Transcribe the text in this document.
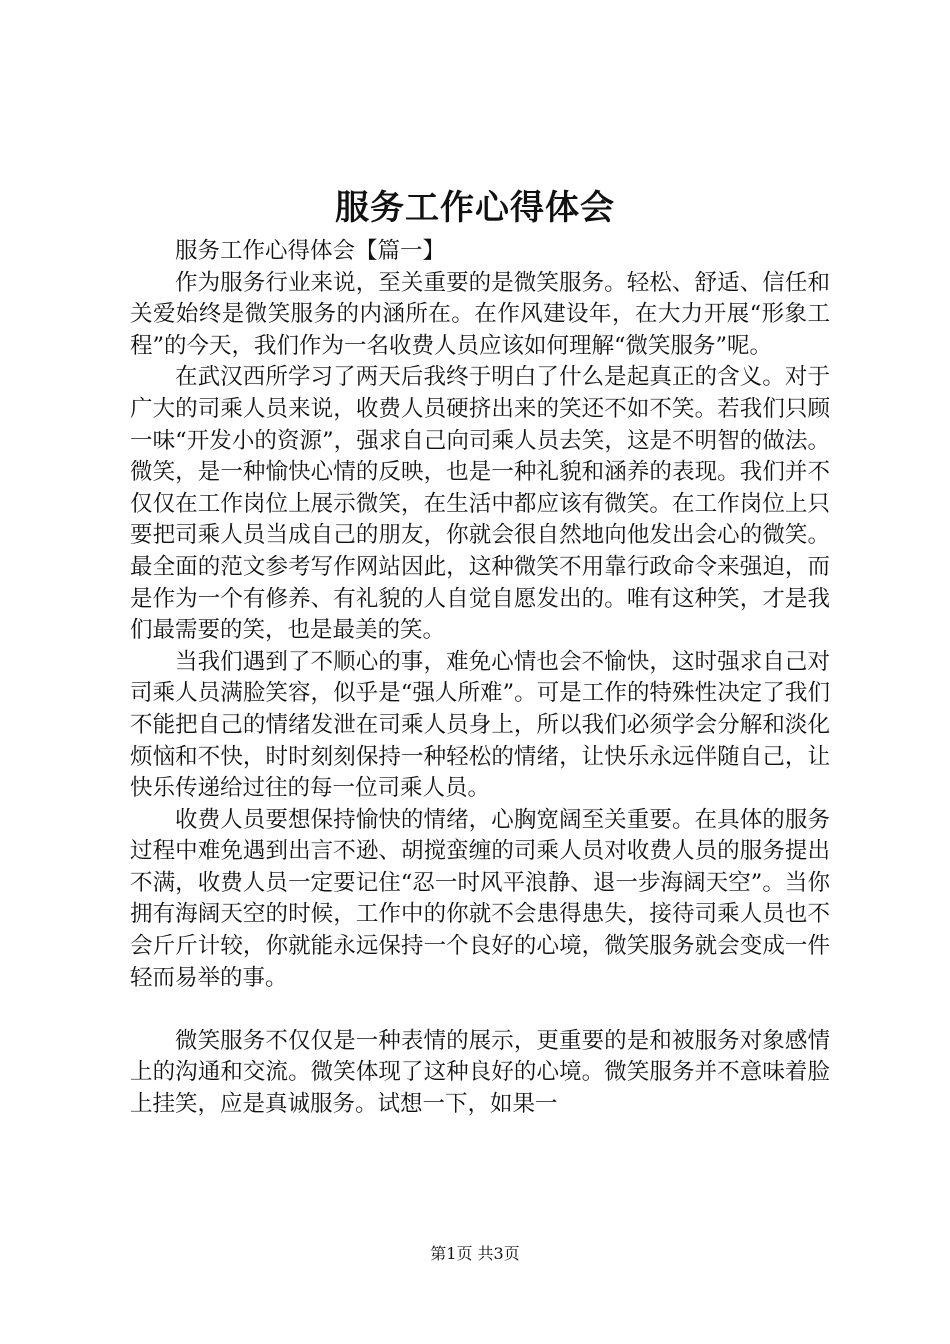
服务工作心得体会

服务工作心得体会【篇一】

作为服务行业来说，至关重要的是微笑服务。轻松、舒适、信任和关爱始终是微笑服务的内涵所在。在作风建设年，在大力开展“形象工程”的今天，我们作为一名收费人员应该如何理解“微笑服务”呢。

在武汉西所学习了两天后我终于明白了什么是起真正的含义。对于广大的司乘人员来说，收费人员硬挤出来的笑还不如不笑。若我们只顾一味“开发小的资源”，强求自己向司乘人员去笑，这是不明智的做法。微笑，是一种愉快心情的反映，也是一种礼貌和涵养的表现。我们并不仅仅在工作岗位上展示微笑，在生活中都应该有微笑。在工作岗位上只要把司乘人员当成自己的朋友，你就会很自然地向他发出会心的微笑。最全面的范文参考写作网站因此，这种微笑不用靠行政命令来强迫，而是作为一个有修养、有礼貌的人自觉自愿发出的。唯有这种笑，才是我们最需要的笑，也是最美的笑。

当我们遇到了不顺心的事，难免心情也会不愉快，这时强求自己对司乘人员满脸笑容，似乎是“强人所难”。可是工作的特殊性决定了我们不能把自己的情绪发泄在司乘人员身上，所以我们必须学会分解和淡化烦恼和不快，时时刻刻保持一种轻松的情绪，让快乐永远伴随自己，让快乐传递给过往的每一位司乘人员。

收费人员要想保持愉快的情绪，心胸宽阔至关重要。在具体的服务过程中难免遇到出言不逊、胡搅蛮缠的司乘人员对收费人员的服务提出不满，收费人员一定要记住“忍一时风平浪静、退一步海阔天空”。当你拥有海阔天空的时候，工作中的你就不会患得患失，接待司乘人员也不会斤斤计较，你就能永远保持一个良好的心境，微笑服务就会变成一件轻而易举的事。

微笑服务不仅仅是一种表情的展示，更重要的是和被服务对象感情上的沟通和交流。微笑体现了这种良好的心境。微笑服务并不意味着脸上挂笑，应是真诚服务。试想一下，如果一

第1页 共3页
